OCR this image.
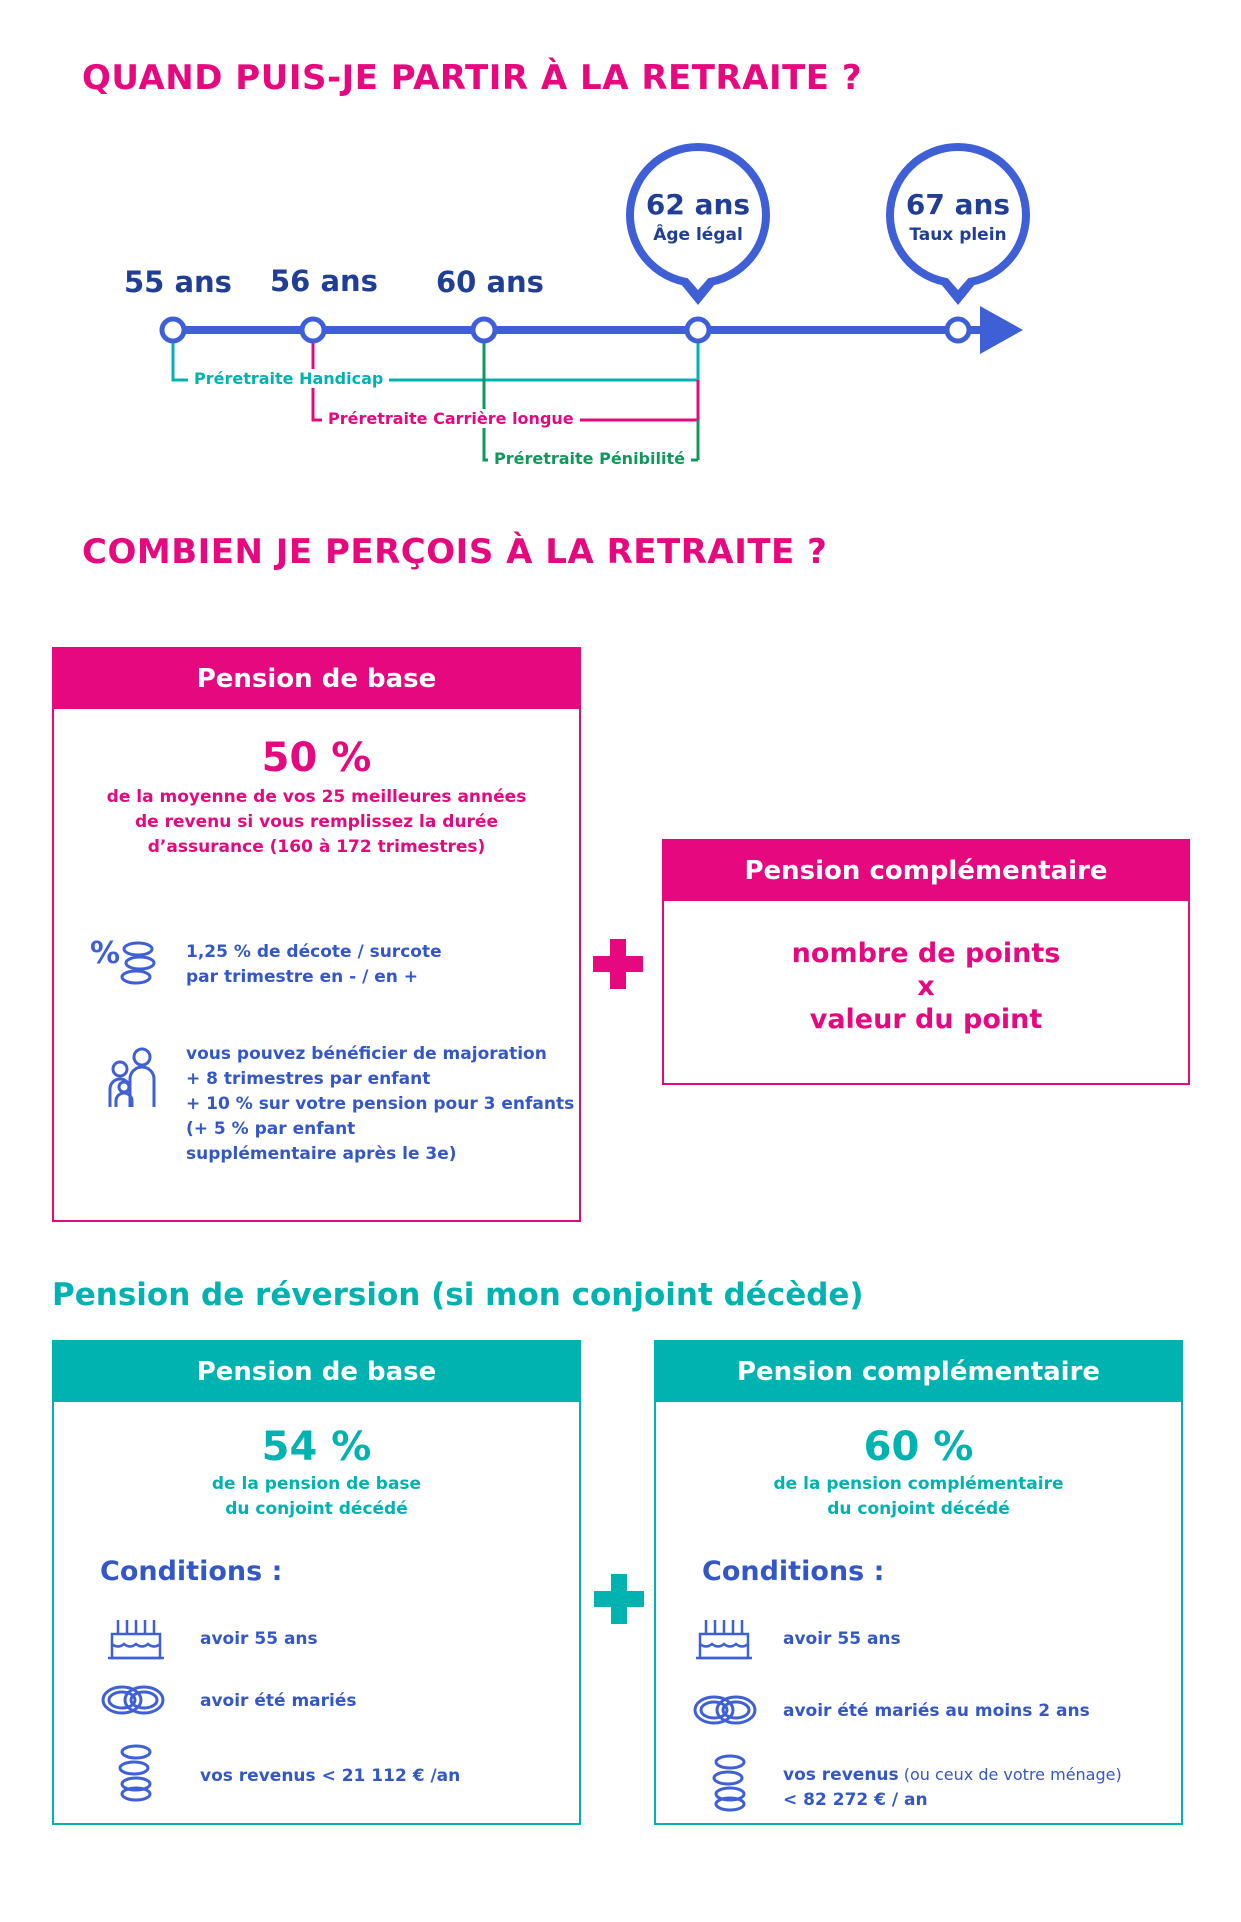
QUAND PUIS-JE PARTIR À LA RETRAITE ?
55 ans 56 ans 60 ans
62 ans
Âge légal
67 ans
Taux plein
Préretraite Handicap
Préretraite Carrière longue
Préretraite Pénibilité
COMBIEN JE PERÇOIS À LA RETRAITE ?
Pension de base
50 %
de la moyenne de vos 25 meilleures années
de revenu si vous remplissez la durée
d’assurance (160 à 172 trimestres)
%	1,25 % de décote / surcote
par trimestre en - / en +
vous pouvez bénéficier de majoration
+ 8 trimestres par enfant
+ 10 % sur votre pension pour 3 enfants
(+ 5 % par enfant
supplémentaire après le 3e)
Pension complémentaire
nombre de points
x
valeur du point
Pension de réversion (si mon conjoint décède)
Pension de base
54 %
de la pension de base
du conjoint décédé
Conditions :
avoir 55 ans
avoir été mariés
vos revenus < 21 112 € /an
Pension complémentaire
60 %
de la pension complémentaire
du conjoint décédé
Conditions :
avoir 55 ans
avoir été mariés au moins 2 ans
vos revenus (ou ceux de votre ménage)
< 82 272 € / an
